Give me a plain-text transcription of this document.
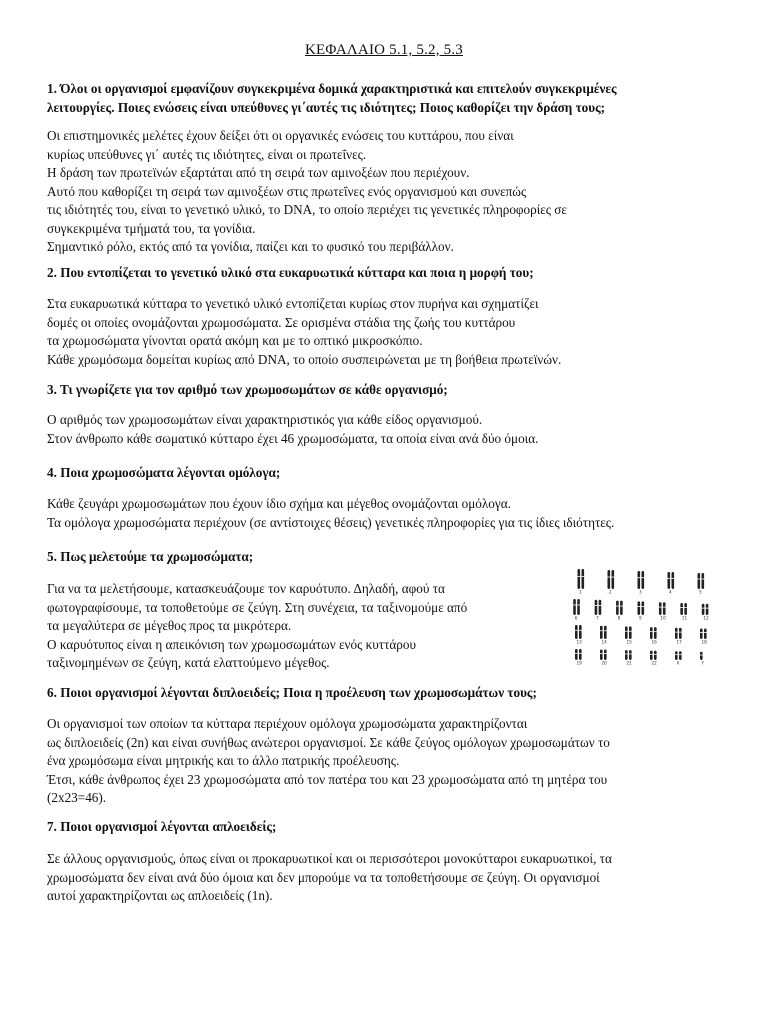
ΚΕΦΑΛΑΙΟ 5.1, 5.2, 5.3
1. Όλοι οι οργανισμοί εμφανίζουν συγκεκριμένα δομικά χαρακτηριστικά και επιτελούν συγκεκριμένες
λειτουργίες. Ποιες ενώσεις είναι υπεύθυνες γι΄αυτές τις ιδιότητες; Ποιος καθορίζει την δράση τους;
Οι επιστημονικές μελέτες έχουν δείξει ότι οι οργανικές ενώσεις του κυττάρου, που είναι
κυρίως υπεύθυνες γι΄ αυτές τις ιδιότητες, είναι οι πρωτεΐνες.
Η δράση των πρωτεϊνών εξαρτάται από τη σειρά των αμινοξέων που περιέχουν.
Αυτό που καθορίζει τη σειρά των αμινοξέων στις πρωτεΐνες ενός οργανισμού και συνεπώς
τις ιδιότητές του, είναι το γενετικό υλικό, το DNA, το οποίο περιέχει τις γενετικές πληροφορίες σε
συγκεκριμένα τμήματά του, τα γονίδια.
Σημαντικό ρόλο, εκτός από τα γονίδια, παίζει και το φυσικό του περιβάλλον.
2. Που εντοπίζεται το γενετικό υλικό στα ευκαρυωτικά κύτταρα και ποια η μορφή του;
Στα ευκαρυωτικά κύτταρα το γενετικό υλικό εντοπίζεται κυρίως στον πυρήνα και σχηματίζει
δομές οι οποίες ονομάζονται χρωμοσώματα. Σε ορισμένα στάδια της ζωής του κυττάρου
τα χρωμοσώματα γίνονται ορατά ακόμη και με το οπτικό μικροσκόπιο.
Κάθε χρωμόσωμα δομείται κυρίως από DNA, το οποίο συσπειρώνεται με τη βοήθεια πρωτεϊνών.
3. Τι γνωρίζετε για τον αριθμό των χρωμοσωμάτων σε κάθε οργανισμό;
Ο αριθμός των χρωμοσωμάτων είναι χαρακτηριστικός για κάθε είδος οργανισμού.
Στον άνθρωπο κάθε σωματικό κύτταρο έχει 46 χρωμοσώματα, τα οποία είναι ανά δύο όμοια.
4. Ποια χρωμοσώματα λέγονται ομόλογα;
Κάθε ζευγάρι χρωμοσωμάτων που έχουν ίδιο σχήμα και μέγεθος ονομάζονται ομόλογα.
Τα ομόλογα χρωμοσώματα περιέχουν (σε αντίστοιχες θέσεις) γενετικές πληροφορίες για τις ίδιες ιδιότητες.
5. Πως μελετούμε τα χρωμοσώματα;
Για να τα μελετήσουμε, κατασκευάζουμε τον καρυότυπο. Δηλαδή, αφού τα
φωτογραφίσουμε, τα τοποθετούμε σε ζεύγη. Στη συνέχεια, τα ταξινομούμε από
τα μεγαλύτερα σε μέγεθος προς τα μικρότερα.
Ο καρυότυπος είναι η απεικόνιση των χρωμοσωμάτων ενός κυττάρου
ταξινομημένων σε ζεύγη, κατά ελαττούμενο μέγεθος.
1	2	3	4	5
6	7	8	9	10	11	12
13	14	15	16	17	18
19	20	21	22	X	Y
6. Ποιοι οργανισμοί λέγονται διπλοειδείς; Ποια η προέλευση των χρωμοσωμάτων τους;
Οι οργανισμοί των οποίων τα κύτταρα περιέχουν ομόλογα χρωμοσώματα χαρακτηρίζονται
ως διπλοειδείς (2n) και είναι συνήθως ανώτεροι οργανισμοί. Σε κάθε ζεύγος ομόλογων χρωμοσωμάτων το
ένα χρωμόσωμα είναι μητρικής και το άλλο πατρικής προέλευσης.
Έτσι, κάθε άνθρωπος έχει 23 χρωμοσώματα από τον πατέρα του και 23 χρωμοσώματα από τη μητέρα του
(2x23=46).
7. Ποιοι οργανισμοί λέγονται απλοειδείς;
Σε άλλους οργανισμούς, όπως είναι οι προκαρυωτικοί και οι περισσότεροι μονοκύτταροι ευκαρυωτικοί, τα
χρωμοσώματα δεν είναι ανά δύο όμοια και δεν μπορούμε να τα τοποθετήσουμε σε ζεύγη. Οι οργανισμοί
αυτοί χαρακτηρίζονται ως απλοειδείς (1n).
